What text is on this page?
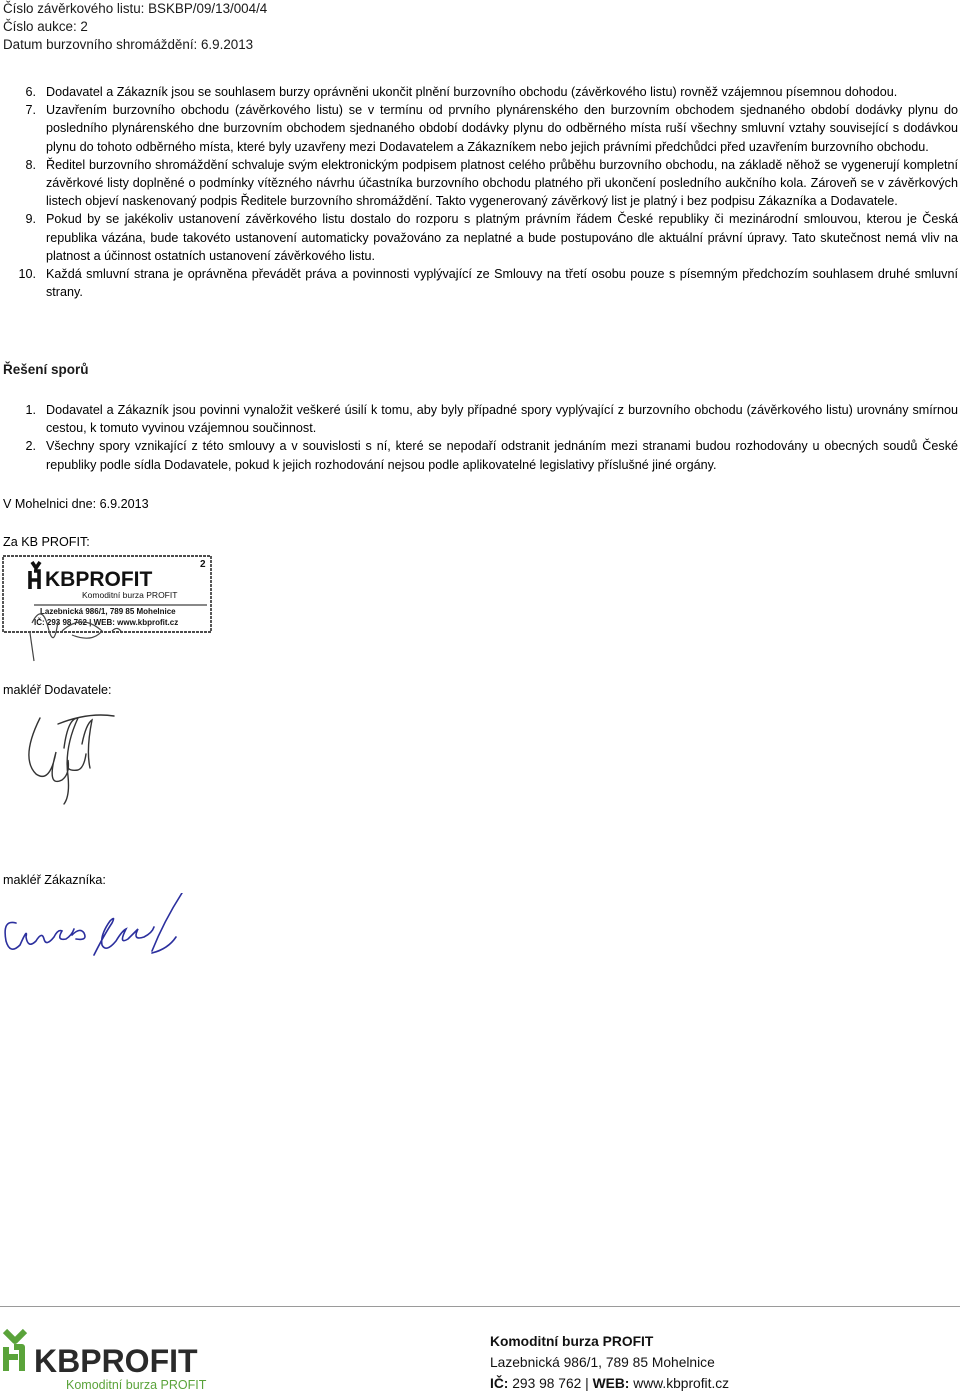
Číslo závěrkového listu: BSKBP/09/13/004/4
Číslo aukce: 2
Datum burzovního shromáždění: 6.9.2013
6. Dodavatel a Zákazník jsou se souhlasem burzy oprávněni ukončit plnění burzovního obchodu (závěrkového listu) rovněž vzájemnou písemnou dohodou.
7. Uzavřením burzovního obchodu (závěrkového listu) se v termínu od prvního plynárenského den burzovním obchodem sjednaného období dodávky plynu do posledního plynárenského dne burzovním obchodem sjednaného období dodávky plynu do odběrného místa ruší všechny smluvní vztahy související s dodávkou plynu do tohoto odběrného místa, které byly uzavřeny mezi Dodavatelem a Zákazníkem nebo jejich právními předchůdci před uzavřením burzovního obchodu.
8. Ředitel burzovního shromáždění schvaluje svým elektronickým podpisem platnost celého průběhu burzovního obchodu, na základě něhož se vygenerují kompletní závěrkové listy doplněné o podmínky vítězného návrhu účastníka burzovního obchodu platného při ukončení posledního aukčního kola. Zároveň se v závěrkových listech objeví naskenovaný podpis Ředitele burzovního shromáždění. Takto vygenerovaný závěrkový list je platný i bez podpisu Zákazníka a Dodavatele.
9. Pokud by se jakékoliv ustanovení závěrkového listu dostalo do rozporu s platným právním řádem České republiky či mezinárodní smlouvou, kterou je Česká republika vázána, bude takovéto ustanovení automaticky považováno za neplatné a bude postupováno dle aktuální právní úpravy. Tato skutečnost nemá vliv na platnost a účinnost ostatních ustanovení závěrkového listu.
10. Každá smluvní strana je oprávněna převádět práva a povinnosti vyplývající ze Smlouvy na třetí osobu pouze s písemným předchozím souhlasem druhé smluvní strany.
Řešení sporů
1. Dodavatel a Zákazník jsou povinni vynaložit veškeré úsilí k tomu, aby byly případné spory vyplývající z burzovního obchodu (závěrkového listu) urovnány smírnou cestou, k tomuto vyvinou vzájemnou součinnost.
2. Všechny spory vznikající z této smlouvy a v souvislosti s ní, které se nepodaří odstranit jednáním mezi stranami budou rozhodovány u obecných soudů České republiky podle sídla Dodavatele, pokud k jejich rozhodování nejsou podle aplikovatelné legislativy příslušné jiné orgány.
V Mohelnici dne: 6.9.2013
Za KB PROFIT:
KBPROFIT
2
Komoditní burza PROFIT
Lazebnická 986/1, 789 85 Mohelnice
IČ: 293 98 762 | WEB: www.kbprofit.cz
makléř Dodavatele:
makléř Zákazníka:
KBPROFIT
Komoditní burza PROFIT
Komoditní burza PROFIT
Lazebnická 986/1, 789 85 Mohelnice
IČ: 293 98 762 | WEB: www.kbprofit.cz
